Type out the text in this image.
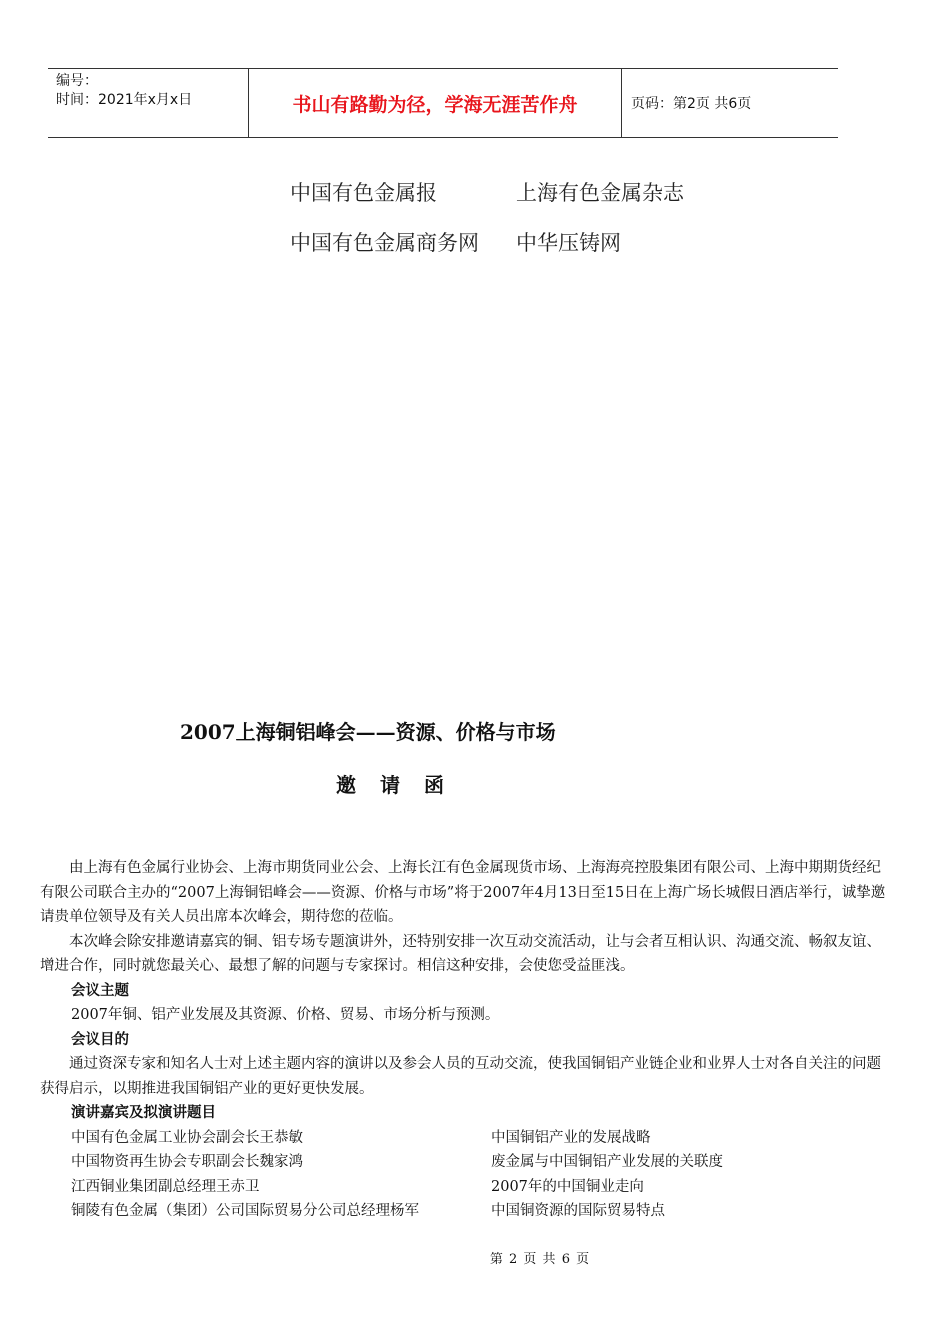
编号：
时间：2021年x月x日	书山有路勤为径，学海无涯苦作舟	页码：第2页 共6页
中国有色金属报	上海有色金属杂志
中国有色金属商务网 中华压铸网
2007上海铜铝峰会——资源、价格与市场
邀请函

由上海有色金属行业协会、上海市期货同业公会、上海长江有色金属现货市场、上海海亮控股集团有限公司、上海中期期货经纪有限公司联合主办的“2007上海铜铝峰会——资源、价格与市场”将于2007年4月13日至15日在上海广场长城假日酒店举行，诚挚邀请贵单位领导及有关人员出席本次峰会，期待您的莅临。

本次峰会除安排邀请嘉宾的铜、铝专场专题演讲外，还特别安排一次互动交流活动，让与会者互相认识、沟通交流、畅叙友谊、增进合作，同时就您最关心、最想了解的问题与专家探讨。相信这种安排，会使您受益匪浅。

会议主题
2007年铜、铝产业发展及其资源、价格、贸易、市场分析与预测。
会议目的
通过资深专家和知名人士对上述主题内容的演讲以及参会人员的互动交流，使我国铜铝产业链企业和业界人士对各自关注的问题获得启示，以期推进我国铜铝产业的更好更快发展。
演讲嘉宾及拟演讲题目
中国有色金属工业协会副会长王恭敏	中国铜铝产业的发展战略
中国物资再生协会专职副会长魏家鸿	废金属与中国铜铝产业发展的关联度
江西铜业集团副总经理王赤卫	2007年的中国铜业走向
铜陵有色金属（集团）公司国际贸易分公司总经理杨军	中国铜资源的国际贸易特点
第 2 页 共 6 页
